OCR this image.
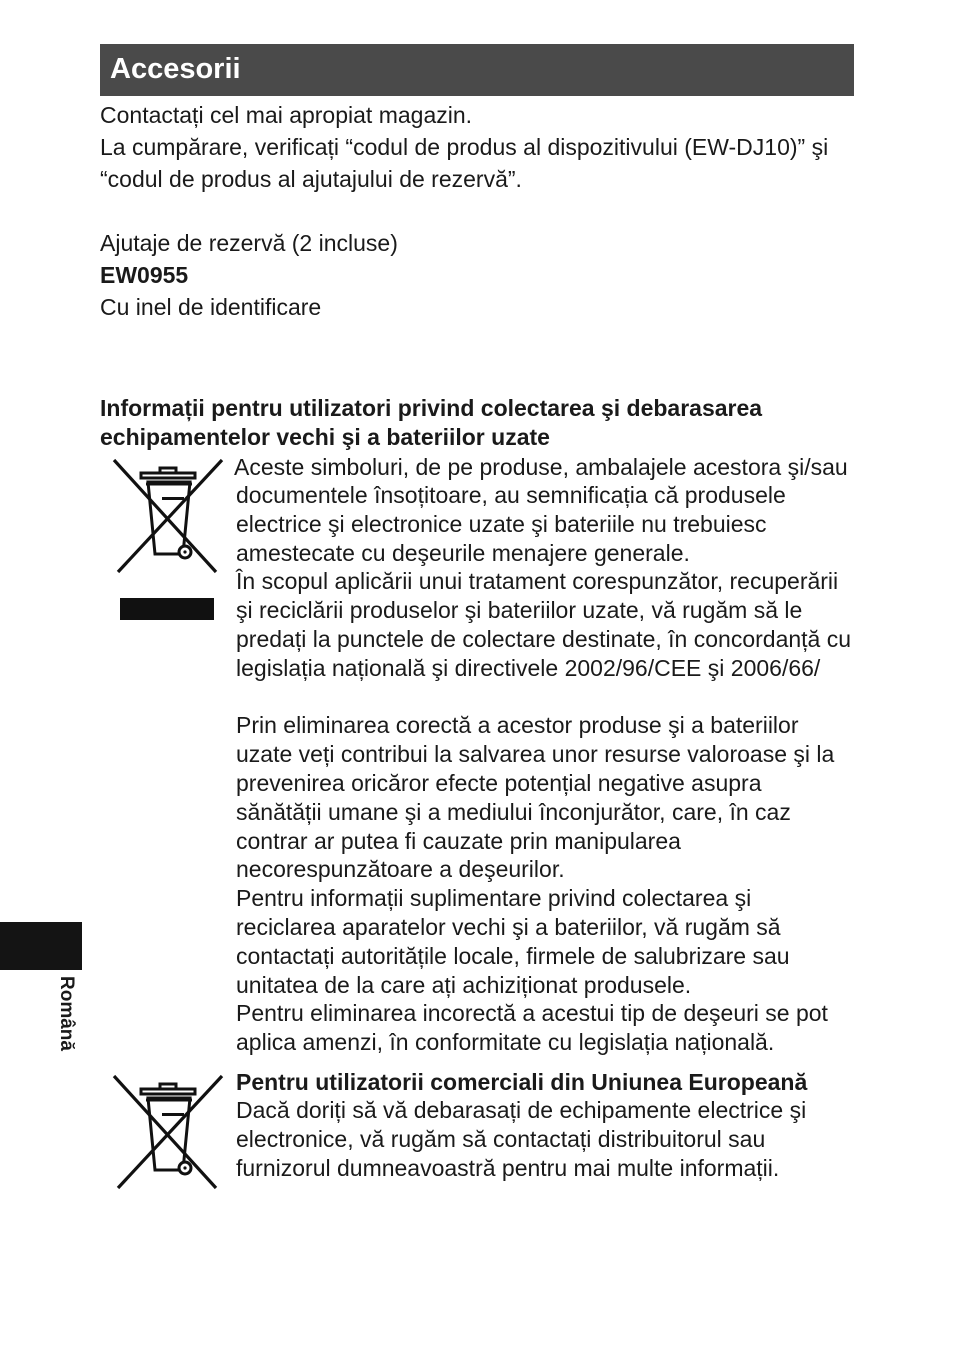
Accesorii
Contactați cel mai apropiat magazin.
La cumpărare, verificați “codul de produs al dispozitivului (EW-DJ10)” şi
“codul de produs al ajutajului de rezervă”.
Ajutaje de rezervă (2 incluse)
EW0955
Cu inel de identificare
Informații pentru utilizatori privind colectarea şi debarasarea
echipamentelor vechi şi a bateriilor uzate
Aceste simboluri, de pe produse, ambalajele acestora şi/sau
documentele însoțitoare, au semnificația că produsele
electrice şi electronice uzate şi bateriile nu trebuiesc
amestecate cu deşeurile menajere generale.
În scopul aplicării unui tratament corespunzător, recuperării
şi reciclării produselor şi bateriilor uzate, vă rugăm să le
predați la punctele de colectare destinate, în concordanță cu
legislația națională şi directivele 2002/96/CEE şi 2006/66/
Prin eliminarea corectă a acestor produse şi a bateriilor
uzate veți contribui la salvarea unor resurse valoroase şi la
prevenirea oricăror efecte potențial negative asupra
sănătății umane şi a mediului înconjurător, care, în caz
contrar ar putea fi cauzate prin manipularea
necorespunzătoare a deşeurilor.
Pentru informații suplimentare privind colectarea şi
reciclarea aparatelor vechi şi a bateriilor, vă rugăm să
contactați autoritățile locale, firmele de salubrizare sau
unitatea de la care ați achiziționat produsele.
Pentru eliminarea incorectă a acestui tip de deşeuri se pot
aplica amenzi, în conformitate cu legislația națională.
Pentru utilizatorii comerciali din Uniunea Europeană
Dacă doriți să vă debarasați de echipamente electrice şi
electronice, vă rugăm să contactați distribuitorul sau
furnizorul dumneavoastră pentru mai multe informații.
Română
